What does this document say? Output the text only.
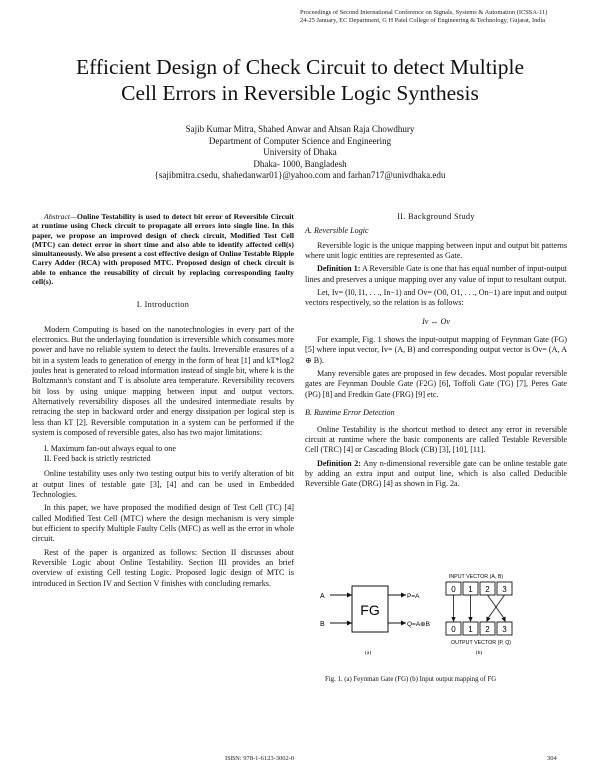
Proceedings of Second International Conference on Signals, Systems & Automation (ICSSA-11)
24-25 January, EC Department, G H Patel College of Engineering & Technology, Gujarat, India
Efficient Design of Check Circuit to detect Multiple
Cell Errors in Reversible Logic Synthesis
Sajib Kumar Mitra, Shahed Anwar and Ahsan Raja Chowdhury
Department of Computer Science and Engineering
University of Dhaka
Dhaka- 1000, Bangladesh
{sajibmitra.csedu, shahedanwar01}@yahoo.com and farhan717@univdhaka.edu

Abstract—Online Testability is used to detect bit error of Reversible Circuit at runtime using Check circuit to propagate all errors into single line. In this paper, we propose an improved design of check circuit, Modified Test Cell (MTC) can detect error in short time and also able to identify affected cell(s) simultaneously. We also present a cost effective design of Online Testable Ripple Carry Adder (RCA) with proposed MTC. Proposed design of check circuit is able to enhance the reusability of circuit by replacing corresponding faulty cell(s).

I. Introduction

Modern Computing is based on the nanotechnologies in every part of the electronics. But the underlaying foundation is irreversible which consumes more power and have no reliable system to detect the faults. Irreversible erasures of a bit in a system leads to generation of energy in the form of heat [1] and kT*log2 joules heat is generated to reload information instead of single bit, where k is the Boltzmann's constant and T is absolute area temperature. Reversibility recovers bit loss by using unique mapping between input and output vectors. Alternatively reversibility disposes all the undesired intermediate results by retracing the step in backward order and energy dissipation per logical step is less than kT [2]. Reversible computation in a system can be performed if the system is composed of reversible gates, also has two major limitations:

I. Maximum fan-out always equal to one
II. Feed back is strictly restricted

Online testability uses only two testing output bits to verify alteration of bit at output lines of testable gate [3], [4] and can be used in Embedded Technologies.

In this paper, we have proposed the modified design of Test Cell (TC) [4] called Modified Test Cell (MTC) where the design mechanism is very simple but efficient to specify Multiple Faulty Cells (MFC) as well as the error in whole circuit.

Rest of the paper is organized as follows: Section II discusses about Reversible Logic about Online Testability. Section III provides an brief overview of existing Cell testing Logic. Proposed logic design of MTC is introduced in Section IV and Section V finishes with concluding remarks.

II. Background Study

A. Reversible Logic

Reversible logic is the unique mapping between input and output bit patterns where unit logic entities are represented as Gate.

Definition 1: A Reversible Gate is one that has equal number of input-output lines and preserves a unique mapping over any value of input to resultant output.

Let, Iv= (I0, I1, . . ., In−1) and Ov= (O0, O1, . . ., On−1) are input and output vectors respectively, so the relation is as follows:

Iv ↔ Ov

For example, Fig. 1 shows the input-output mapping of Feynman Gate (FG) [5] where input vector, Iv= (A, B) and corresponding output vector is Ov= (A, A ⊕ B).

Many reversible gates are proposed in few decades. Most popular reversible gates are Feynman Double Gate (F2G) [6], Toffoli Gate (TG) [7], Peres Gate (PG) [8] and Fredkin Gate (FRG) [9] etc.

B. Runtime Error Detection

Online Testability is the shortcut method to detect any error in reversible circuit at runtime where the basic components are called Testable Reversible Cell (TRC) [4] or Cascading Block (CB) [3], [10], [11].

Definition 2: Any n-dimensional reversible gate can be online testable gate by adding an extra input and output line, which is also called Deducible Reversible Gate (DRG) [4] as shown in Fig. 2a.

FG
A
B
P=A
Q=A⊕B
(a)
INPUT VECTOR (A, B)
0 1 2 3
0 1 2 3
OUTPUT VECTOR (P, Q)
(b)
Fig. 1. (a) Feynman Gate (FG) (b) Input output mapping of FG
ISBN: 978-1-6123-3002-0	304
